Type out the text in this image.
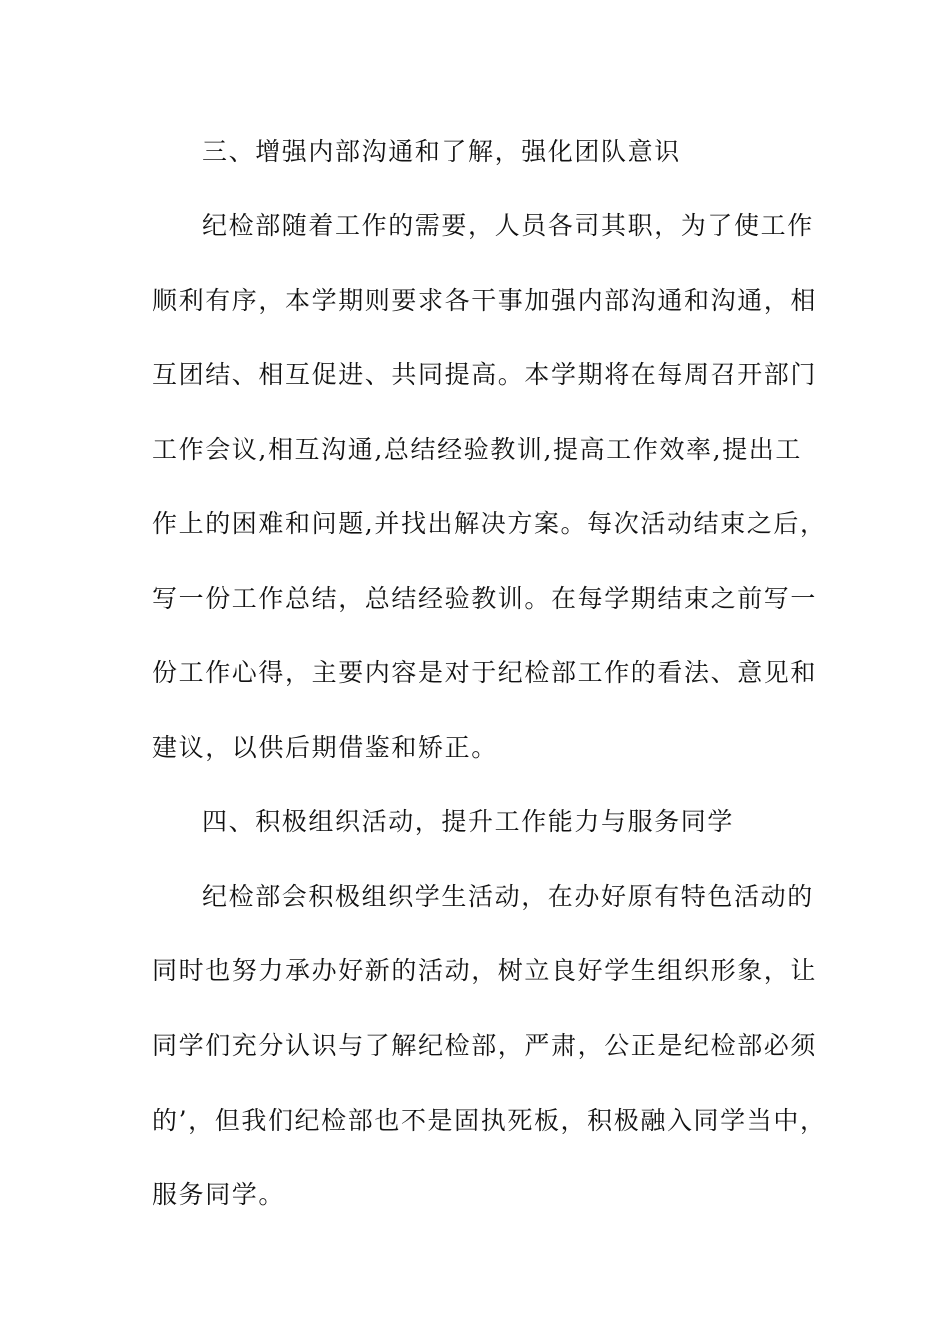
三、增强内部沟通和了解，强化团队意识
纪检部随着工作的需要，人员各司其职，为了使工作
顺利有序，本学期则要求各干事加强内部沟通和沟通，相
互团结、相互促进、共同提高。本学期将在每周召开部门
工作会议,相互沟通,总结经验教训,提高工作效率,提出工
作上的困难和问题,并找出解决方案。每次活动结束之后，
写一份工作总结，总结经验教训。在每学期结束之前写一
份工作心得，主要内容是对于纪检部工作的看法、意见和
建议，以供后期借鉴和矫正。
四、积极组织活动，提升工作能力与服务同学
纪检部会积极组织学生活动，在办好原有特色活动的
同时也努力承办好新的活动，树立良好学生组织形象，让
同学们充分认识与了解纪检部，严肃，公正是纪检部必须
的’，但我们纪检部也不是固执死板，积极融入同学当中，
服务同学。
